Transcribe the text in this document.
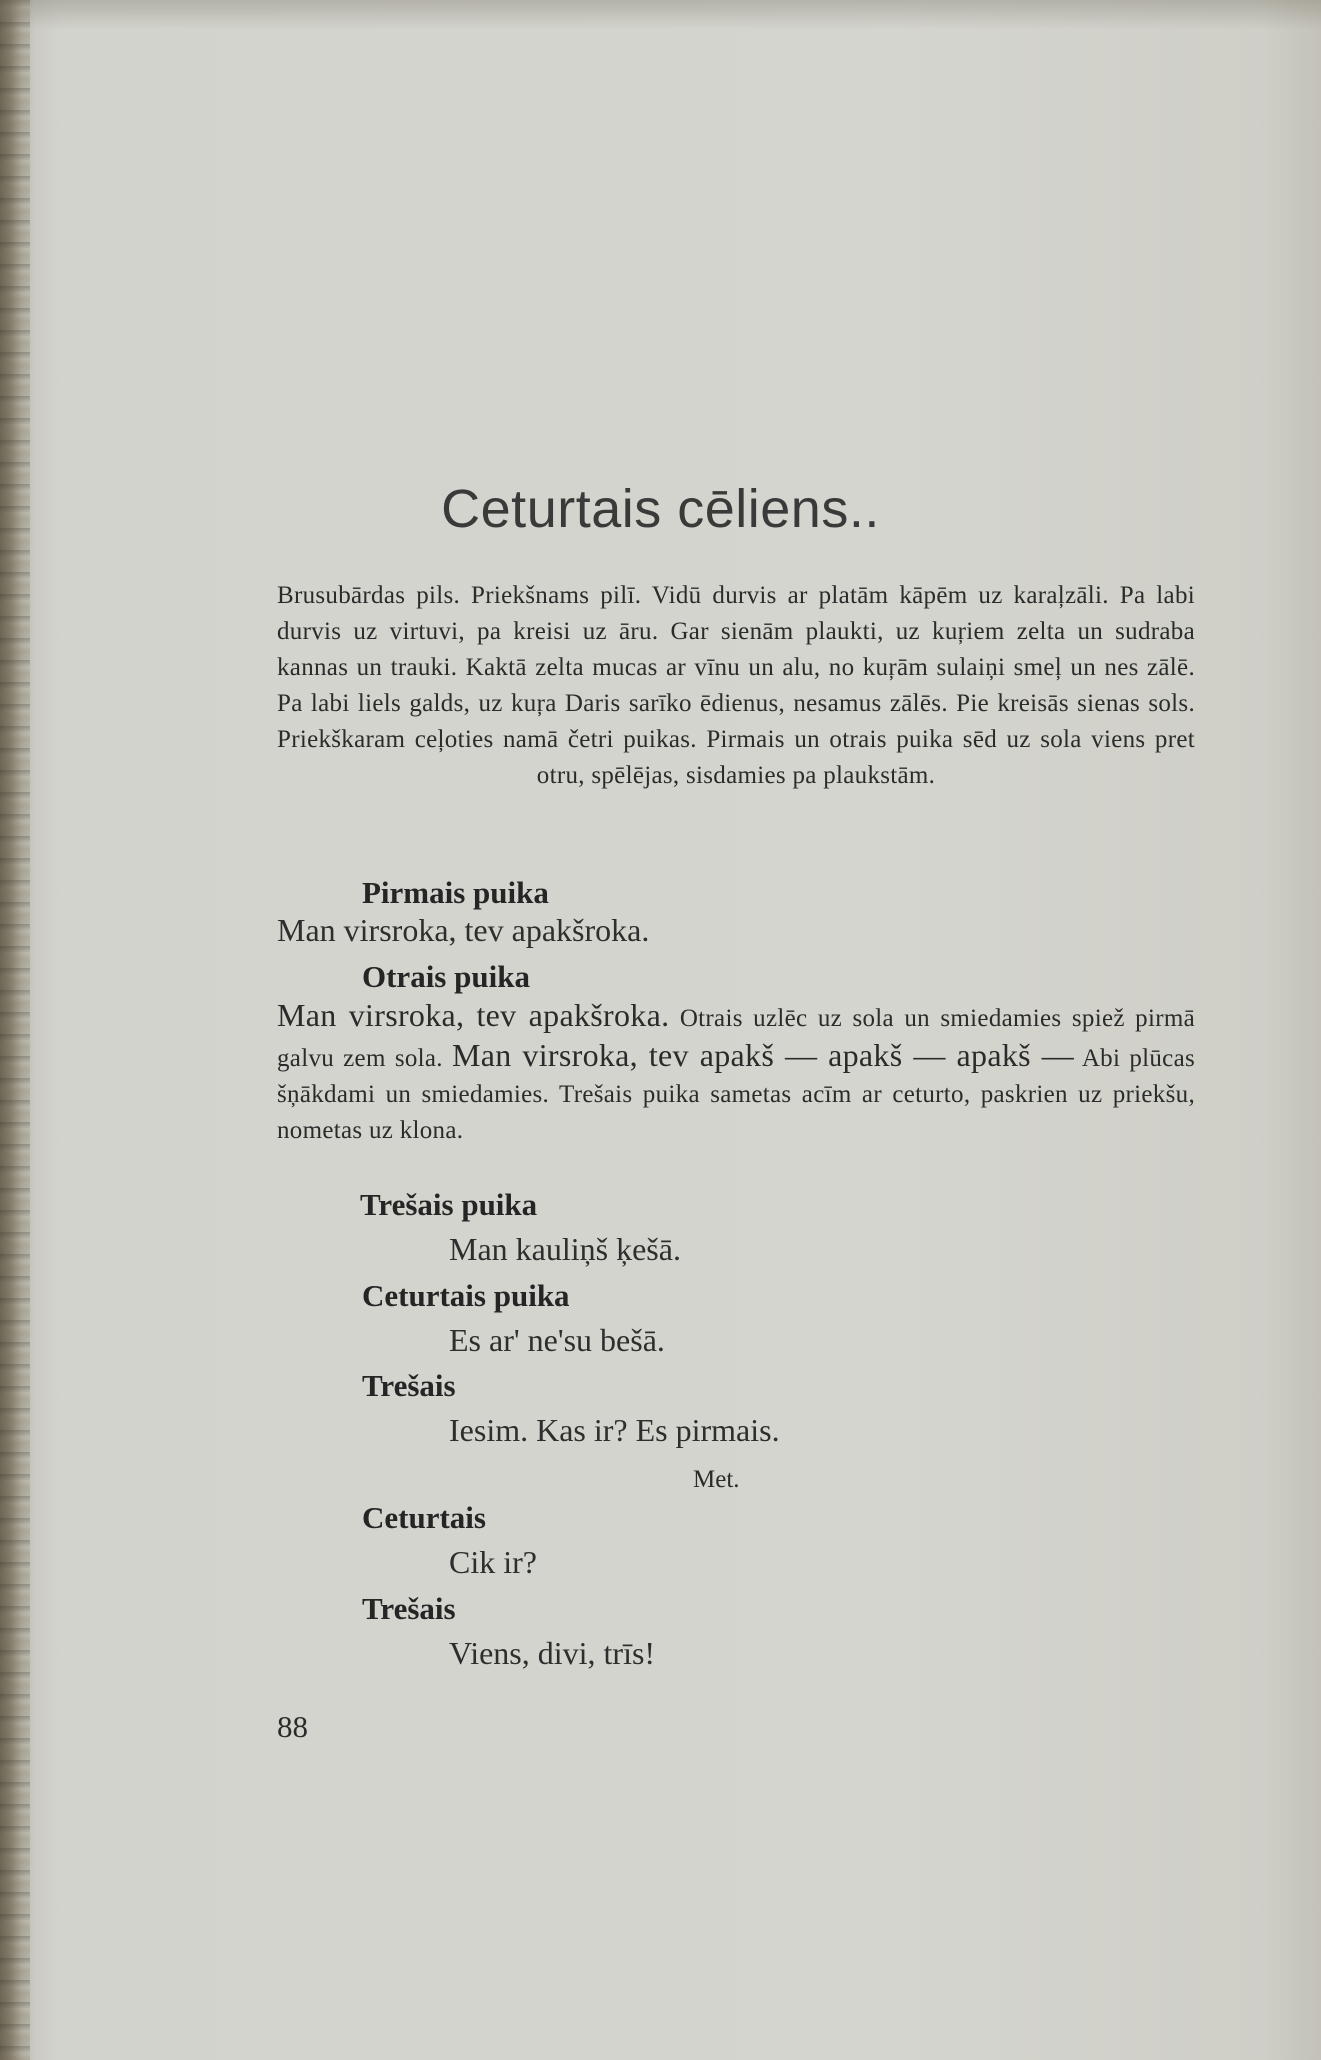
Ceturtais cēliens..
Brusubārdas pils. Priekšnams pilī. Vidū durvis ar platām kāpēm uz karaļzāli. Pa labi durvis uz virtuvi, pa kreisi uz āru. Gar sienām plaukti, uz kuŗiem zelta un sudraba kannas un trauki. Kaktā zelta mucas ar vīnu un alu, no kuŗām sulaiņi smeļ un nes zālē. Pa labi liels galds, uz kuŗa Daris sarīko ēdienus, nesamus zālēs. Pie kreisās sienas sols. Priekškaram ceļoties namā četri puikas. Pirmais un otrais puika sēd uz sola viens pret otru, spēlējas, sisdamies pa plaukstām.
Pirmais puika
Man virsroka, tev apakšroka.
Otrais puika
Man virsroka, tev apakšroka. Otrais uzlēc uz sola un smiedamies spiež pirmā galvu zem sola. Man virsroka, tev apakš — apakš — apakš — Abi plūcas šņākdami un smiedamies. Trešais puika sametas acīm ar ceturto, paskrien uz priekšu, nometas uz klona.
Trešais puika
Man kauliņš ķešā.
Ceturtais puika
Es ar' ne'su bešā.
Trešais
Iesim. Kas ir? Es pirmais.
Met.
Ceturtais
Cik ir?
Trešais
Viens, divi, trīs!
88
